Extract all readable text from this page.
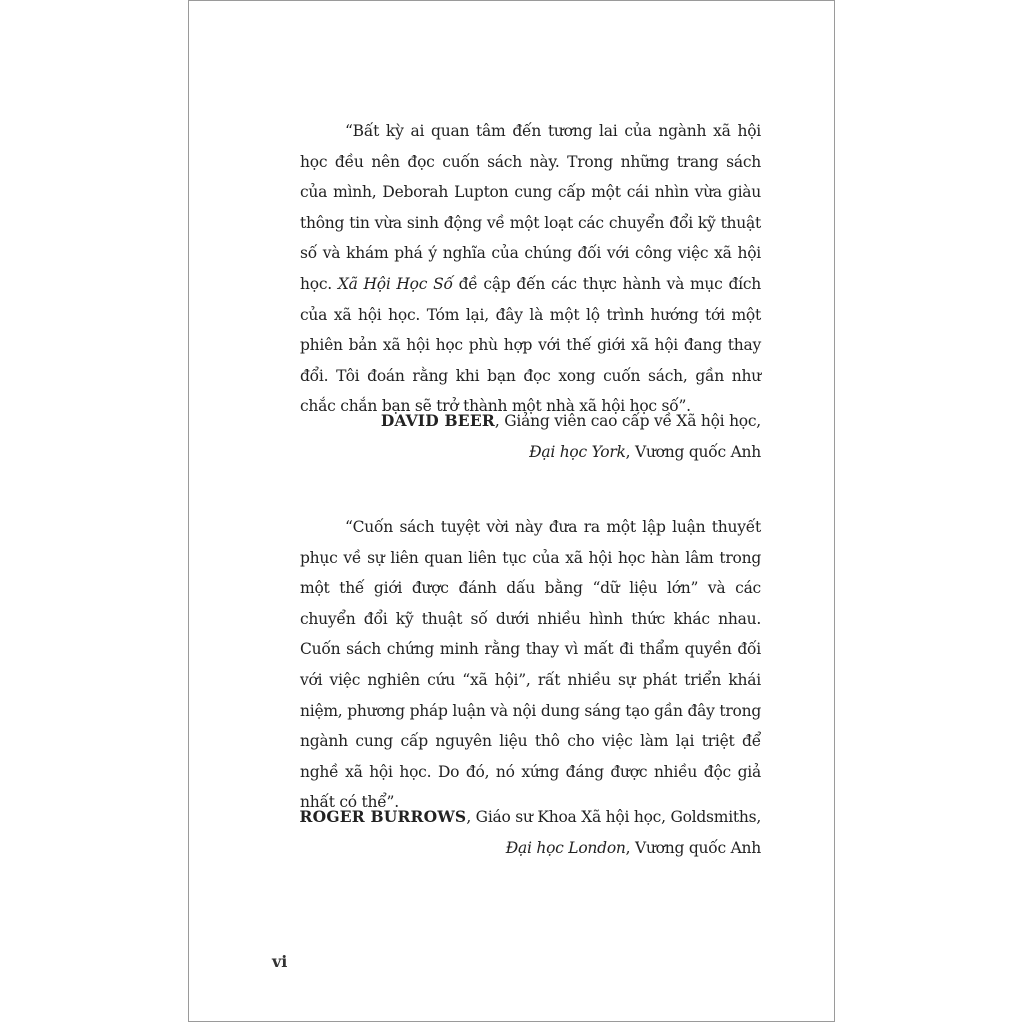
“Bất kỳ ai quan tâm đến tương lai của ngành xã hội học đều nên đọc cuốn sách này. Trong những trang sách của mình, Deborah Lupton cung cấp một cái nhìn vừa giàu thông tin vừa sinh động về một loạt các chuyển đổi kỹ thuật số và khám phá ý nghĩa của chúng đối với công việc xã hội học. Xã Hội Học Số đề cập đến các thực hành và mục đích của xã hội học. Tóm lại, đây là một lộ trình hướng tới một phiên bản xã hội học phù hợp với thế giới xã hội đang thay đổi. Tôi đoán rằng khi bạn đọc xong cuốn sách, gần như chắc chắn bạn sẽ trở thành một nhà xã hội học số”.

DAVID BEER, Giảng viên cao cấp về Xã hội học,
Đại học York, Vương quốc Anh

“Cuốn sách tuyệt vời này đưa ra một lập luận thuyết phục về sự liên quan liên tục của xã hội học hàn lâm trong một thế giới được đánh dấu bằng “dữ liệu lớn” và các chuyển đổi kỹ thuật số dưới nhiều hình thức khác nhau. Cuốn sách chứng minh rằng thay vì mất đi thẩm quyền đối với việc nghiên cứu “xã hội”, rất nhiều sự phát triển khái niệm, phương pháp luận và nội dung sáng tạo gần đây trong ngành cung cấp nguyên liệu thô cho việc làm lại triệt để nghề xã hội học. Do đó, nó xứng đáng được nhiều độc giả nhất có thể”.

ROGER BURROWS, Giáo sư Khoa Xã hội học, Goldsmiths,
Đại học London, Vương quốc Anh
vi
